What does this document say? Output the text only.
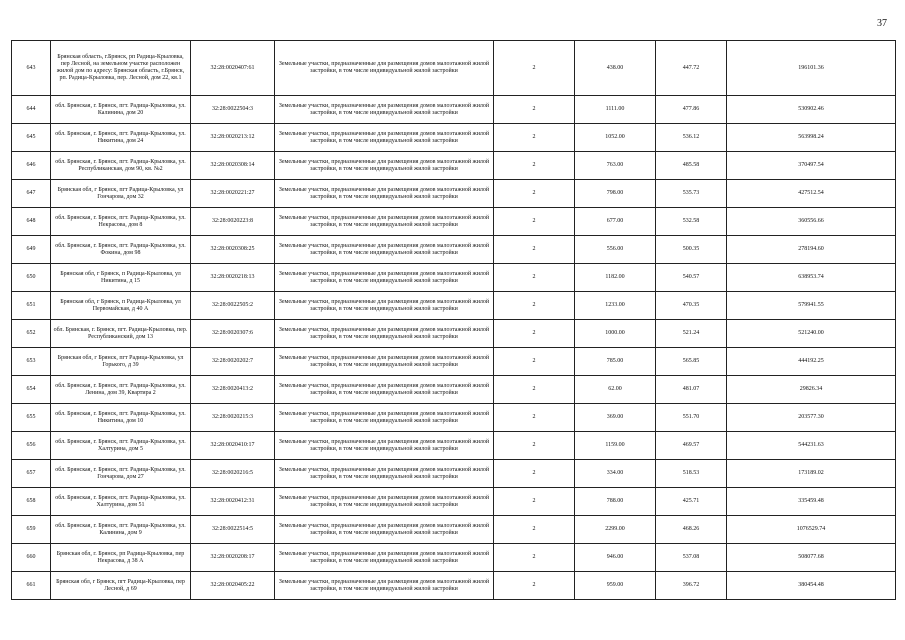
37
643	Брянская область, г.Брянск, рп Радица-Крыловка, пер Лесной, на земельном участке расположен жилой дом по адресу: Брянская область, г.Брянск, рп. Радица-Крыловка, пер. Лесной, дом 22, кв.1	32:28:0020407:61	Земельные участки, предназначенные для размещения домов малоэтажной жилой застройки, в том числе индивидуальной жилой застройки	2	438.00	447.72	196101.36
644	обл. Брянская, г. Брянск, пгт. Радица-Крыловка, ул. Калинина, дом 20	32:28:0022504:3	Земельные участки, предназначенные для размещения домов малоэтажной жилой застройки, в том числе индивидуальной жилой застройки	2	1111.00	477.86	530902.46
645	обл. Брянская, г. Брянск, пгт. Радица-Крыловка, ул. Никитина, дом 24	32:28:0020213:12	Земельные участки, предназначенные для размещения домов малоэтажной жилой застройки, в том числе индивидуальной жилой застройки	2	1052.00	536.12	563998.24
646	обл. Брянская, г. Брянск, пгт. Радица-Крыловка, ул. Республиканская, дом 90, кв. №2	32:28:0020308:14	Земельные участки, предназначенные для размещения домов малоэтажной жилой застройки, в том числе индивидуальной жилой застройки	2	763.00	485.58	370497.54
647	Брянская обл, г Брянск, пгт Радица-Крыловка, ул Гончарова, дом 32	32:28:0020221:27	Земельные участки, предназначенные для размещения домов малоэтажной жилой застройки, в том числе индивидуальной жилой застройки	2	798.00	535.73	427512.54
648	обл. Брянская, г. Брянск, пгт. Радица-Крыловка, ул. Некрасова, дом 8	32:28:0020223:8	Земельные участки, предназначенные для размещения домов малоэтажной жилой застройки, в том числе индивидуальной жилой застройки	2	677.00	532.58	360556.66
649	обл. Брянская, г. Брянск, пгт. Радица-Крыловка, ул. Фокина, дом 98	32:28:0020308:25	Земельные участки, предназначенные для размещения домов малоэтажной жилой застройки, в том числе индивидуальной жилой застройки	2	556.00	500.35	278194.60
650	Брянская обл, г Брянск, п Радица-Крыловка, ул Никитина, д 15	32:28:0020218:13	Земельные участки, предназначенные для размещения домов малоэтажной жилой застройки, в том числе индивидуальной жилой застройки	2	1182.00	540.57	638953.74
651	Брянская обл, г Брянск, п Радица-Крыловка, ул Первомайская, д 40 А	32:28:0022505:2	Земельные участки, предназначенные для размещения домов малоэтажной жилой застройки, в том числе индивидуальной жилой застройки	2	1233.00	470.35	579941.55
652	обл. Брянская, г. Брянск, пгт. Радица-Крыловка, пер. Республиканский, дом 13	32:28:0020307:6	Земельные участки, предназначенные для размещения домов малоэтажной жилой застройки, в том числе индивидуальной жилой застройки	2	1000.00	521.24	521240.00
653	Брянская обл, г Брянск, пгт Радица-Крыловка, ул Горького, д 39	32:28:0020202:7	Земельные участки, предназначенные для размещения домов малоэтажной жилой застройки, в том числе индивидуальной жилой застройки	2	785.00	565.85	444192.25
654	обл. Брянская, г. Брянск, пгт. Радица-Крыловка, ул. Ленина, дом 39, Квартира 2	32:28:0020413:2	Земельные участки, предназначенные для размещения домов малоэтажной жилой застройки, в том числе индивидуальной жилой застройки	2	62.00	481.07	29826.34
655	обл. Брянская, г. Брянск, пгт. Радица-Крыловка, ул. Никитина, дом 10	32:28:0020215:3	Земельные участки, предназначенные для размещения домов малоэтажной жилой застройки, в том числе индивидуальной жилой застройки	2	369.00	551.70	203577.30
656	обл. Брянская, г. Брянск, пгт. Радица-Крыловка, ул. Халтурина, дом 5	32:28:0020410:17	Земельные участки, предназначенные для размещения домов малоэтажной жилой застройки, в том числе индивидуальной жилой застройки	2	1159.00	469.57	544231.63
657	обл. Брянская, г. Брянск, пгт. Радица-Крыловка, ул. Гончарова, дом 27	32:28:0020216:5	Земельные участки, предназначенные для размещения домов малоэтажной жилой застройки, в том числе индивидуальной жилой застройки	2	334.00	518.53	173189.02
658	обл. Брянская, г. Брянск, пгт. Радица-Крыловка, ул. Халтурина, дом 51	32:28:0020412:31	Земельные участки, предназначенные для размещения домов малоэтажной жилой застройки, в том числе индивидуальной жилой застройки	2	788.00	425.71	335459.48
659	обл. Брянская, г. Брянск, пгт. Радица-Крыловка, ул. Калинина, дом 9	32:28:0022514:5	Земельные участки, предназначенные для размещения домов малоэтажной жилой застройки, в том числе индивидуальной жилой застройки	2	2299.00	468.26	1076529.74
660	Брянская обл, г. Брянск, рп Радица-Крыловка, пер Некрасова, д 38 А	32:28:0020208:17	Земельные участки, предназначенные для размещения домов малоэтажной жилой застройки, в том числе индивидуальной жилой застройки	2	946.00	537.08	508077.68
661	Брянская обл, г Брянск, пгт Радица-Крыловка, пер Лесной, д 69	32:28:0020405:22	Земельные участки, предназначенные для размещения домов малоэтажной жилой застройки, в том числе индивидуальной жилой застройки	2	959.00	396.72	380454.48
